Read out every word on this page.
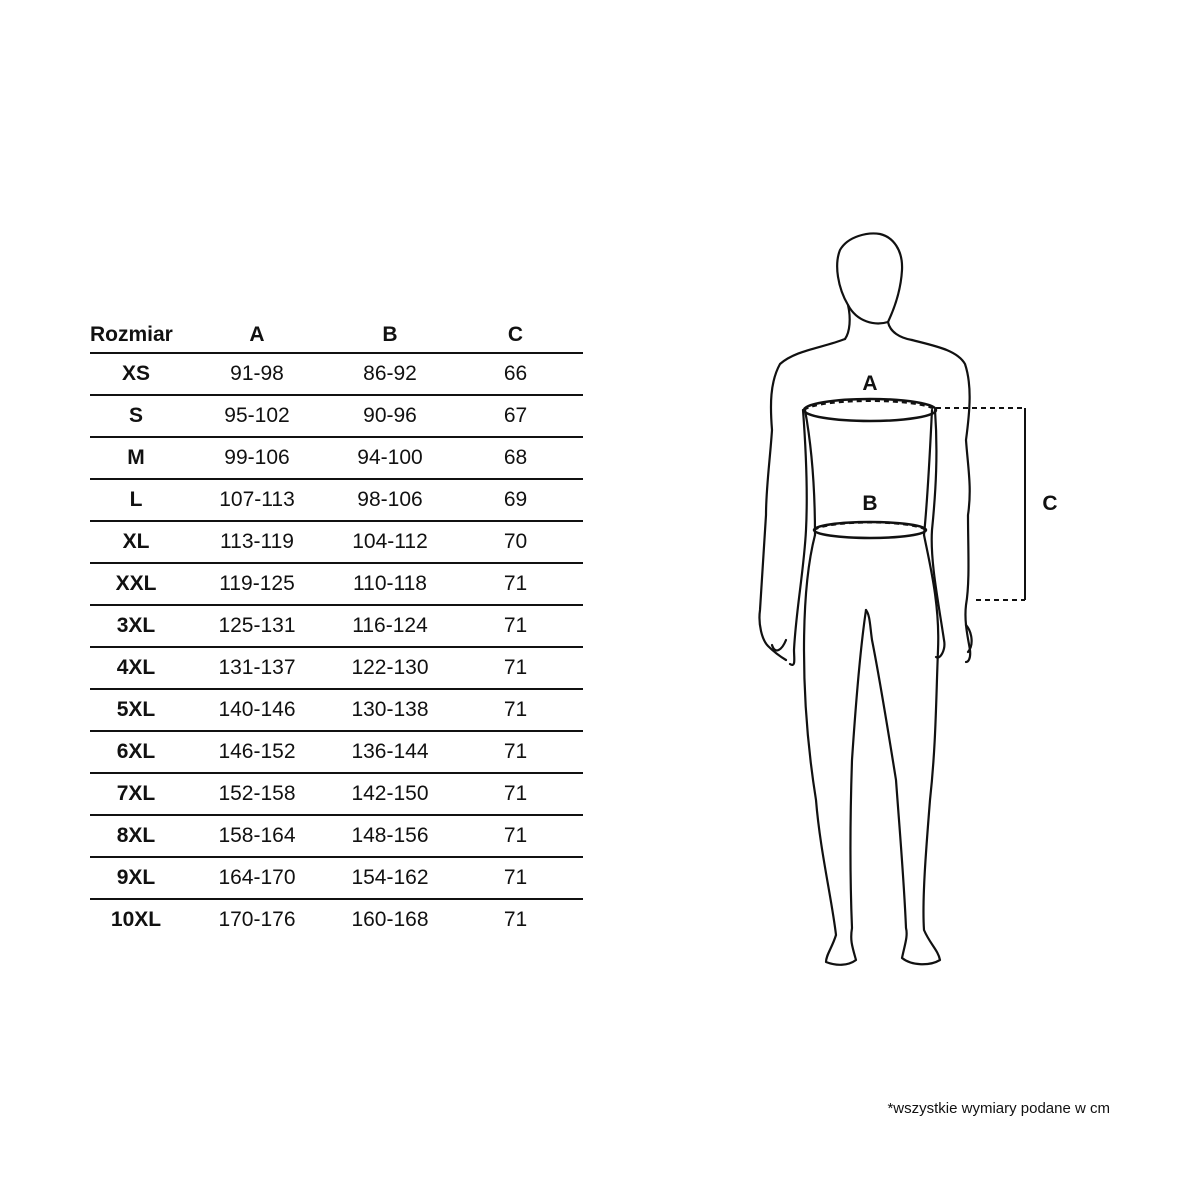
Rozmiar	A	B	C
XS	91-98	86-92	66
S	95-102	90-96	67
M	99-106	94-100	68
L	107-113	98-106	69
XL	113-119	104-112	70
XXL	119-125	110-118	71
3XL	125-131	116-124	71
4XL	131-137	122-130	71
5XL	140-146	130-138	71
6XL	146-152	136-144	71
7XL	152-158	142-150	71
8XL	158-164	148-156	71
9XL	164-170	154-162	71
10XL	170-176	160-168	71
A
B	C
*wszystkie wymiary podane w cm
